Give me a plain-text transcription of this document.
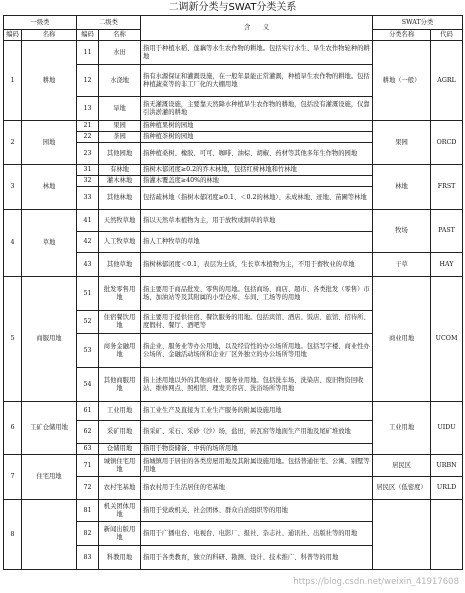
二调新分类与SWAT分类关系
一级类		二级类		含　　义	SWAT分类	
编码	名称	编码	名称		分类名称	代码
1	耕地	11	水田	指用于种植水稻、莲藕等水生农作物的耕地。包括实行水生、旱生农作物轮种的耕地	耕地（一般）	AGRL
		12	水浇地	指有水源保证和灌溉设施，在一般年景能正常灌溉，种植旱生农作物的耕地。包括种植蔬菜等的非工厂化的大棚用地		
		13	旱地	指无灌溉设施，主要靠天然降水种植旱生农作物的耕地，包括没有灌溉设施，仅靠引洪淤灌的耕地		
2	园地	21	果园	指种植果树的园地	果园	ORCD
		22	茶园	指种植茶树的园地		
		23	其他园地	指种植桑树、橡胶、可可、咖啡、油棕、胡椒、药材等其他多年生作物的园地		
3	林地	31	有林地	指树木郁闭度≥0.2的乔木林地，包括红树林地和竹林地	林地	FRST
		32	灌木林地	指灌木覆盖度≥40%的林地		
		33	其他林地	包括疏林地（指树木郁闭度≥0.1、＜0.2的林地）、未成林地、迹地、苗圃等林地		
4	草地	41	天然牧草地	指以天然草本植物为主，用于放牧或割草的草地	牧场	PAST
		42	人工牧草地	指人工种牧草的草地		
		43	其他草地	指树林郁闭度＜0.1，表层为土质，生长草本植物为主，不用于畜牧业的草地	干草	HAY
5	商服用地	51	批发零售用地	指主要用于商品批发、零售的用地。包括商场、商店、超市、各类批发（零售）市场，加油站等及其附属的小型仓库、车间、工场等的用地	商业用地	UCOM
		52	住宿餐饮用地	指主要用于提供住宿、餐饮服务的用地。包括宾馆、酒店、饭店、旅馆、招待所、度假村、餐厅、酒吧等		
		53	商务金融用地	指企业、服务业等办公用地，以及经营性的办公场所用地。包括写字楼、商业性办公场所、金融活动场所和企业厂区外独立的办公场所等用地		
		54	其他商服用地	指上述用地以外的其他商业、服务业用地。包括洗车场、洗染店、废旧物资回收站、维修网点、照相馆、理发美容店、洗浴场所等用地		
6	工矿仓储用地	61	工业用地	指工业生产及直接为工业生产服务的附属设施用地	工业用地	UIDU
		62	采矿用地	指采矿、采石、采砂（沙）场，盐田，砖瓦窑等地面生产用地及尾矿堆放地		
		63	仓储用地	指用于物资储备、中转的场所用地		
7	住宅用地	71	城镇住宅用地	指城镇用于居住的各类房屋用地及其附属设施用地。包括普通住宅、公寓、别墅等用地	居民区	URBN
		72	农村宅基地	指农村用于生活居住的宅基地	居民区（低密度）	URLD
8		81	机关团体用地	指用于党政机关、社会团体、群众自治组织等的用地		
		82	新闻出版用地	指用于广播电台、电视台、电影厂、报社、杂志社、通讯社、出版社等的用地		
		83	科教用地	指用于各类教育，独立的科研、勘测、设计、技术推广、科普等的用地		
https://blog.csdn.net/weixin_41917608
